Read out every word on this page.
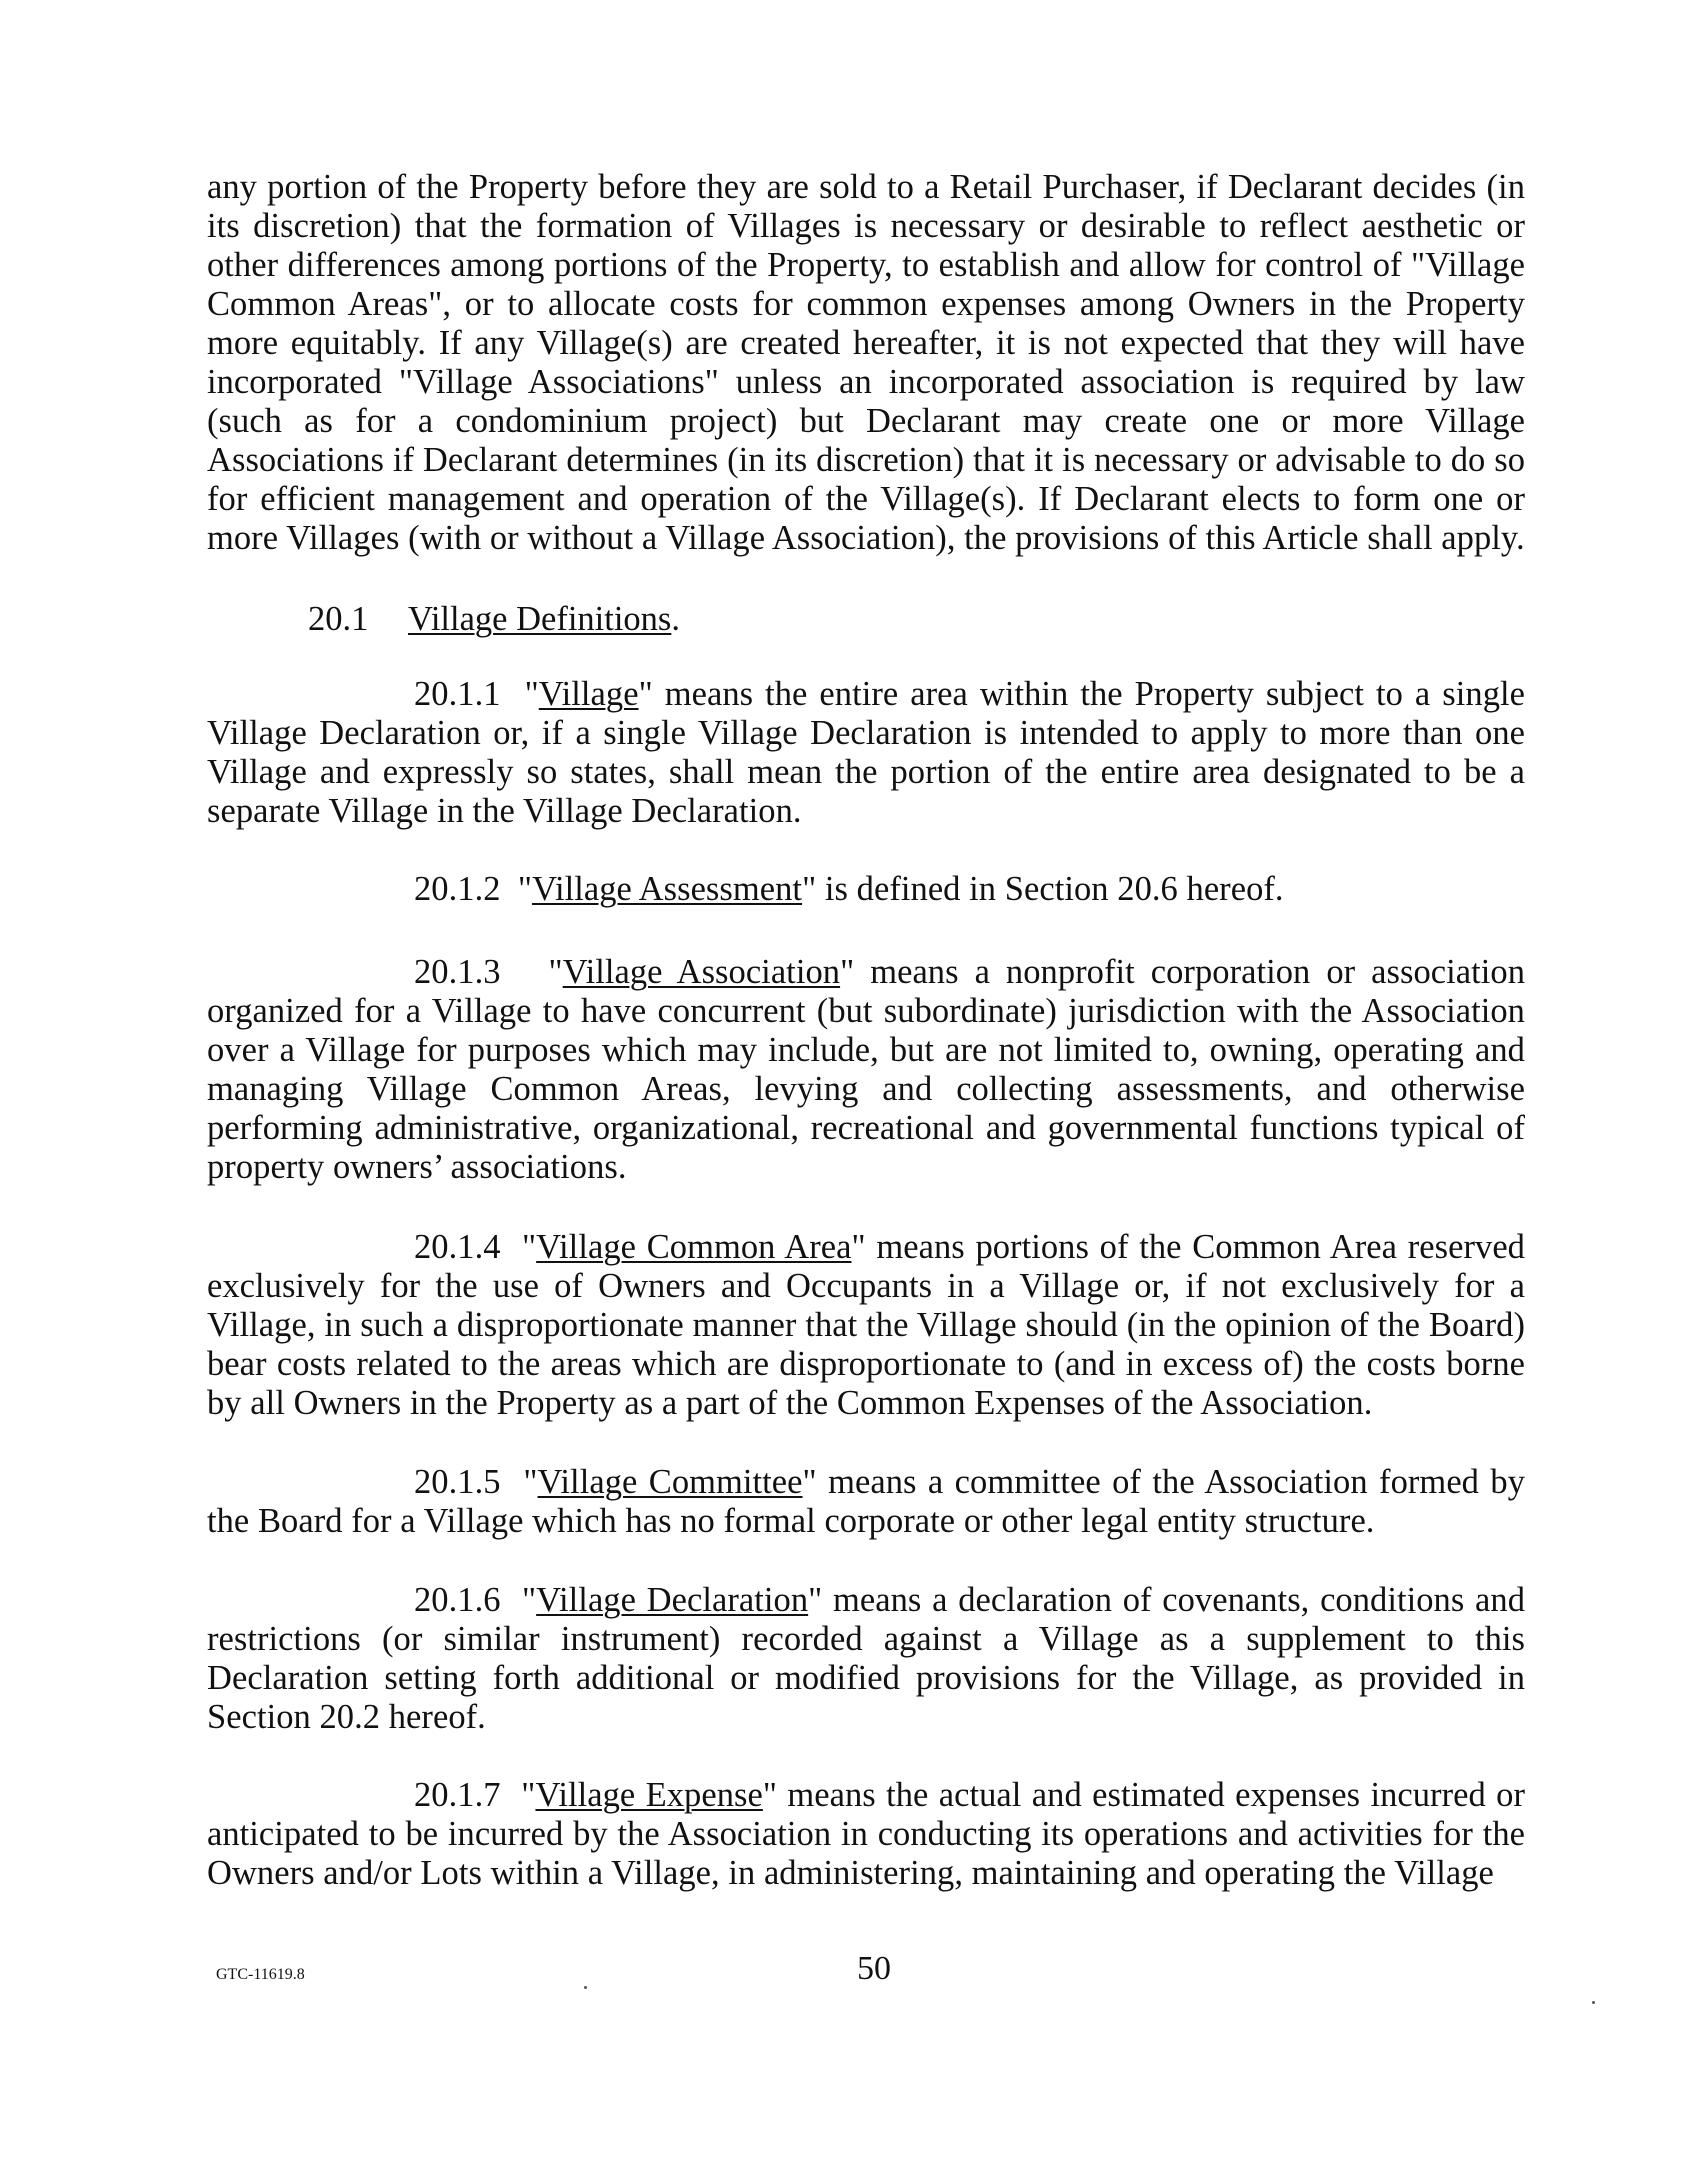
any portion of the Property before they are sold to a Retail Purchaser, if Declarant decides (in its discretion) that the formation of Villages is necessary or desirable to reflect aesthetic or other differences among portions of the Property, to establish and allow for control of "Village Common Areas", or to allocate costs for common expenses among Owners in the Property more equitably. If any Village(s) are created hereafter, it is not expected that they will have incorporated "Village Associations" unless an incorporated association is required by law (such as for a condominium project) but Declarant may create one or more Village Associations if Declarant determines (in its discretion) that it is necessary or advisable to do so for efficient management and operation of the Village(s). If Declarant elects to form one or more Villages (with or without a Village Association), the provisions of this Article shall apply.

20.1 Village Definitions.

20.1.1 "Village" means the entire area within the Property subject to a single Village Declaration or, if a single Village Declaration is intended to apply to more than one Village and expressly so states, shall mean the portion of the entire area designated to be a separate Village in the Village Declaration.

20.1.2 "Village Assessment" is defined in Section 20.6 hereof.

20.1.3 "Village Association" means a nonprofit corporation or association organized for a Village to have concurrent (but subordinate) jurisdiction with the Association over a Village for purposes which may include, but are not limited to, owning, operating and managing Village Common Areas, levying and collecting assessments, and otherwise performing administrative, organizational, recreational and governmental functions typical of property owners’ associations.

20.1.4 "Village Common Area" means portions of the Common Area reserved exclusively for the use of Owners and Occupants in a Village or, if not exclusively for a Village, in such a disproportionate manner that the Village should (in the opinion of the Board) bear costs related to the areas which are disproportionate to (and in excess of) the costs borne by all Owners in the Property as a part of the Common Expenses of the Association.

20.1.5 "Village Committee" means a committee of the Association formed by the Board for a Village which has no formal corporate or other legal entity structure.

20.1.6 "Village Declaration" means a declaration of covenants, conditions and restrictions (or similar instrument) recorded against a Village as a supplement to this Declaration setting forth additional or modified provisions for the Village, as provided in Section 20.2 hereof.

20.1.7 "Village Expense" means the actual and estimated expenses incurred or anticipated to be incurred by the Association in conducting its operations and activities for the Owners and/or Lots within a Village, in administering, maintaining and operating the Village

GTC-11619.8	50
